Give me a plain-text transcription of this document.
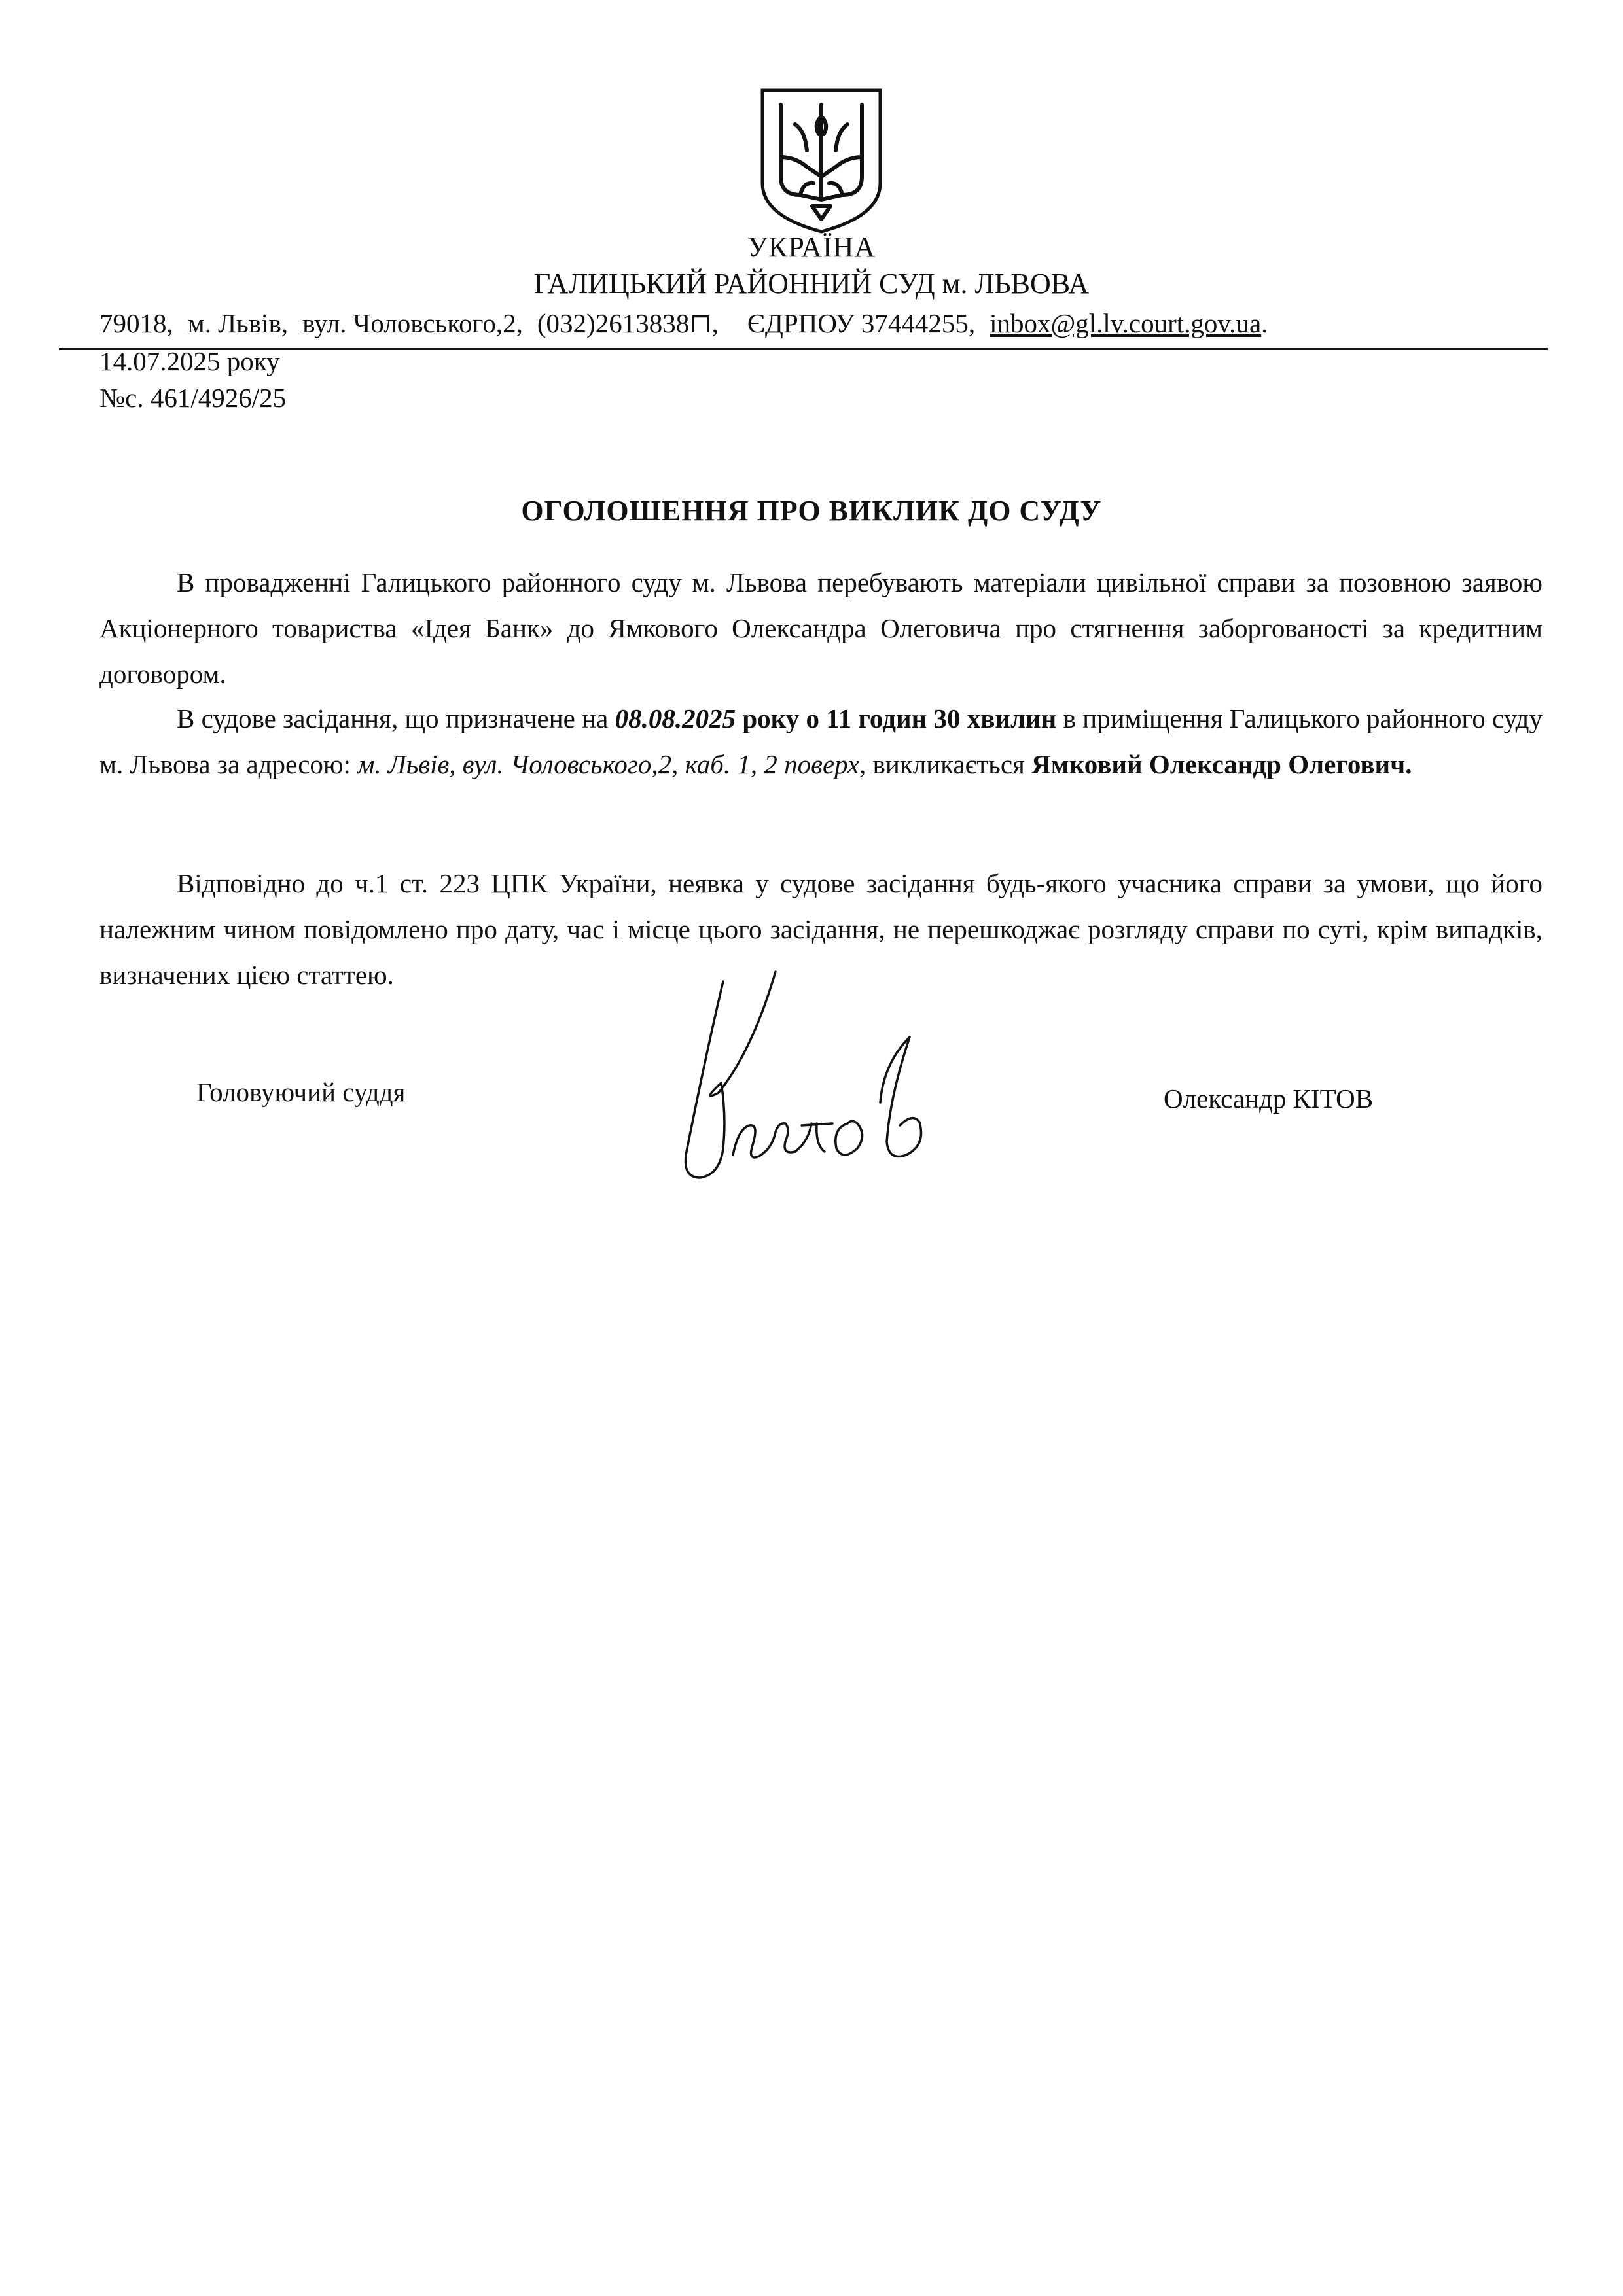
УКРАЇНА
ГАЛИЦЬКИЙ РАЙОННИЙ СУД м. ЛЬВОВА
79018, м. Львів, вул. Чоловського,2, (032)2613838⊓, ЄДРПОУ 37444255, inbox@gl.lv.court.gov.ua.
14.07.2025 року
№с. 461/4926/25
ОГОЛОШЕННЯ ПРО ВИКЛИК ДО СУДУ
В провадженні Галицького районного суду м. Львова перебувають матеріали цивільної справи за позовною заявою Акціонерного товариства «Ідея Банк» до Ямкового Олександра Олеговича про стягнення заборгованості за кредитним договором.
В судове засідання, що призначене на 08.08.2025 року о 11 годин 30 хвилин в приміщення Галицького районного суду м. Львова за адресою: м. Львів, вул. Чоловського,2, каб. 1, 2 поверх, викликається Ямковий Олександр Олегович.
Відповідно до ч.1 ст. 223 ЦПК України, неявка у судове засідання будь-якого учасника справи за умови, що його належним чином повідомлено про дату, час і місце цього засідання, не перешкоджає розгляду справи по суті, крім випадків, визначених цією статтею.
Головуючий суддя	Олександр КІТОВ
